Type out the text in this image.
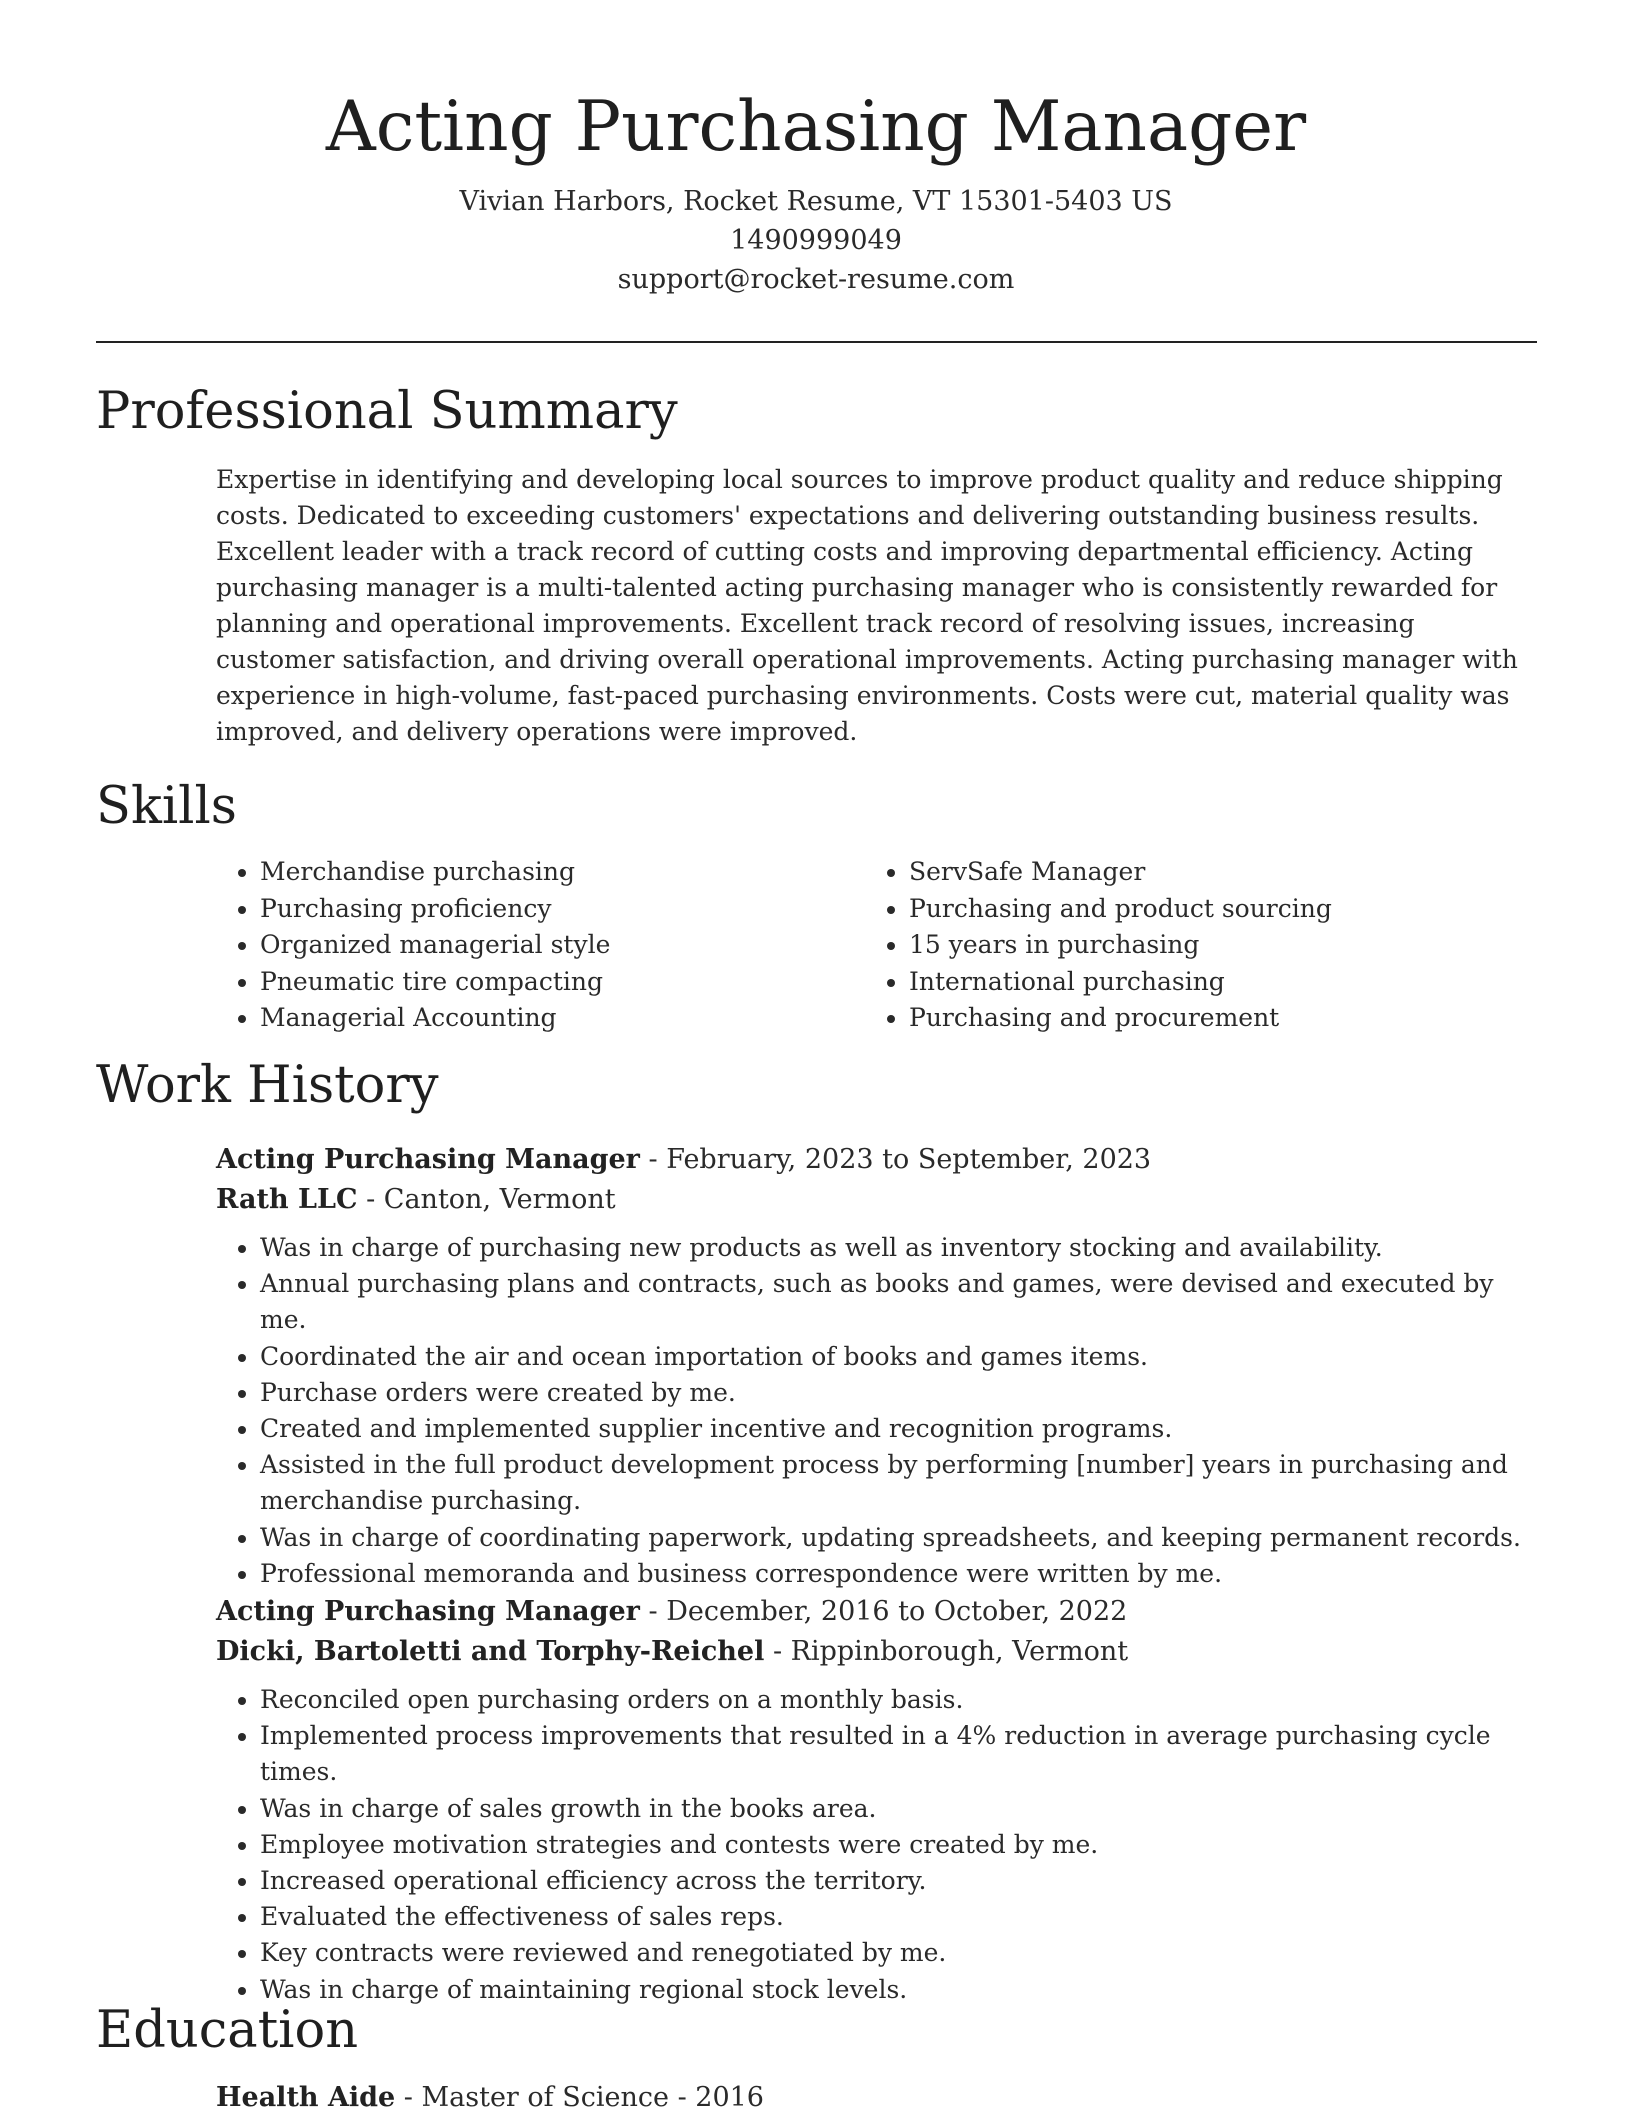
Acting Purchasing Manager
Vivian Harbors, Rocket Resume, VT 15301-5403 US
1490999049
support@rocket-resume.com
Professional Summary

Expertise in identifying and developing local sources to improve product quality and reduce shipping costs. Dedicated to exceeding customers' expectations and delivering outstanding business results. Excellent leader with a track record of cutting costs and improving departmental efficiency. Acting purchasing manager is a multi-talented acting purchasing manager who is consistently rewarded for planning and operational improvements. Excellent track record of resolving issues, increasing customer satisfaction, and driving overall operational improvements. Acting purchasing manager with experience in high-volume, fast-paced purchasing environments. Costs were cut, material quality was improved, and delivery operations were improved.

Skills
• Merchandise purchasing
• Purchasing proficiency
• Organized managerial style
• Pneumatic tire compacting
• Managerial Accounting
• ServSafe Manager
• Purchasing and product sourcing
• 15 years in purchasing
• International purchasing
• Purchasing and procurement
Work History

Acting Purchasing Manager - February, 2023 to September, 2023

Rath LLC - Canton, Vermont

• Was in charge of purchasing new products as well as inventory stocking and availability.
• Annual purchasing plans and contracts, such as books and games, were devised and executed by me.
• Coordinated the air and ocean importation of books and games items.
• Purchase orders were created by me.
• Created and implemented supplier incentive and recognition programs.
• Assisted in the full product development process by performing [number] years in purchasing and merchandise purchasing.
• Was in charge of coordinating paperwork, updating spreadsheets, and keeping permanent records.
• Professional memoranda and business correspondence were written by me.

Acting Purchasing Manager - December, 2016 to October, 2022

Dicki, Bartoletti and Torphy-Reichel - Rippinborough, Vermont

• Reconciled open purchasing orders on a monthly basis.
• Implemented process improvements that resulted in a 4% reduction in average purchasing cycle times.
• Was in charge of sales growth in the books area.
• Employee motivation strategies and contests were created by me.
• Increased operational efficiency across the territory.
• Evaluated the effectiveness of sales reps.
• Key contracts were reviewed and renegotiated by me.
• Was in charge of maintaining regional stock levels.
Education

Health Aide - Master of Science - 2016
